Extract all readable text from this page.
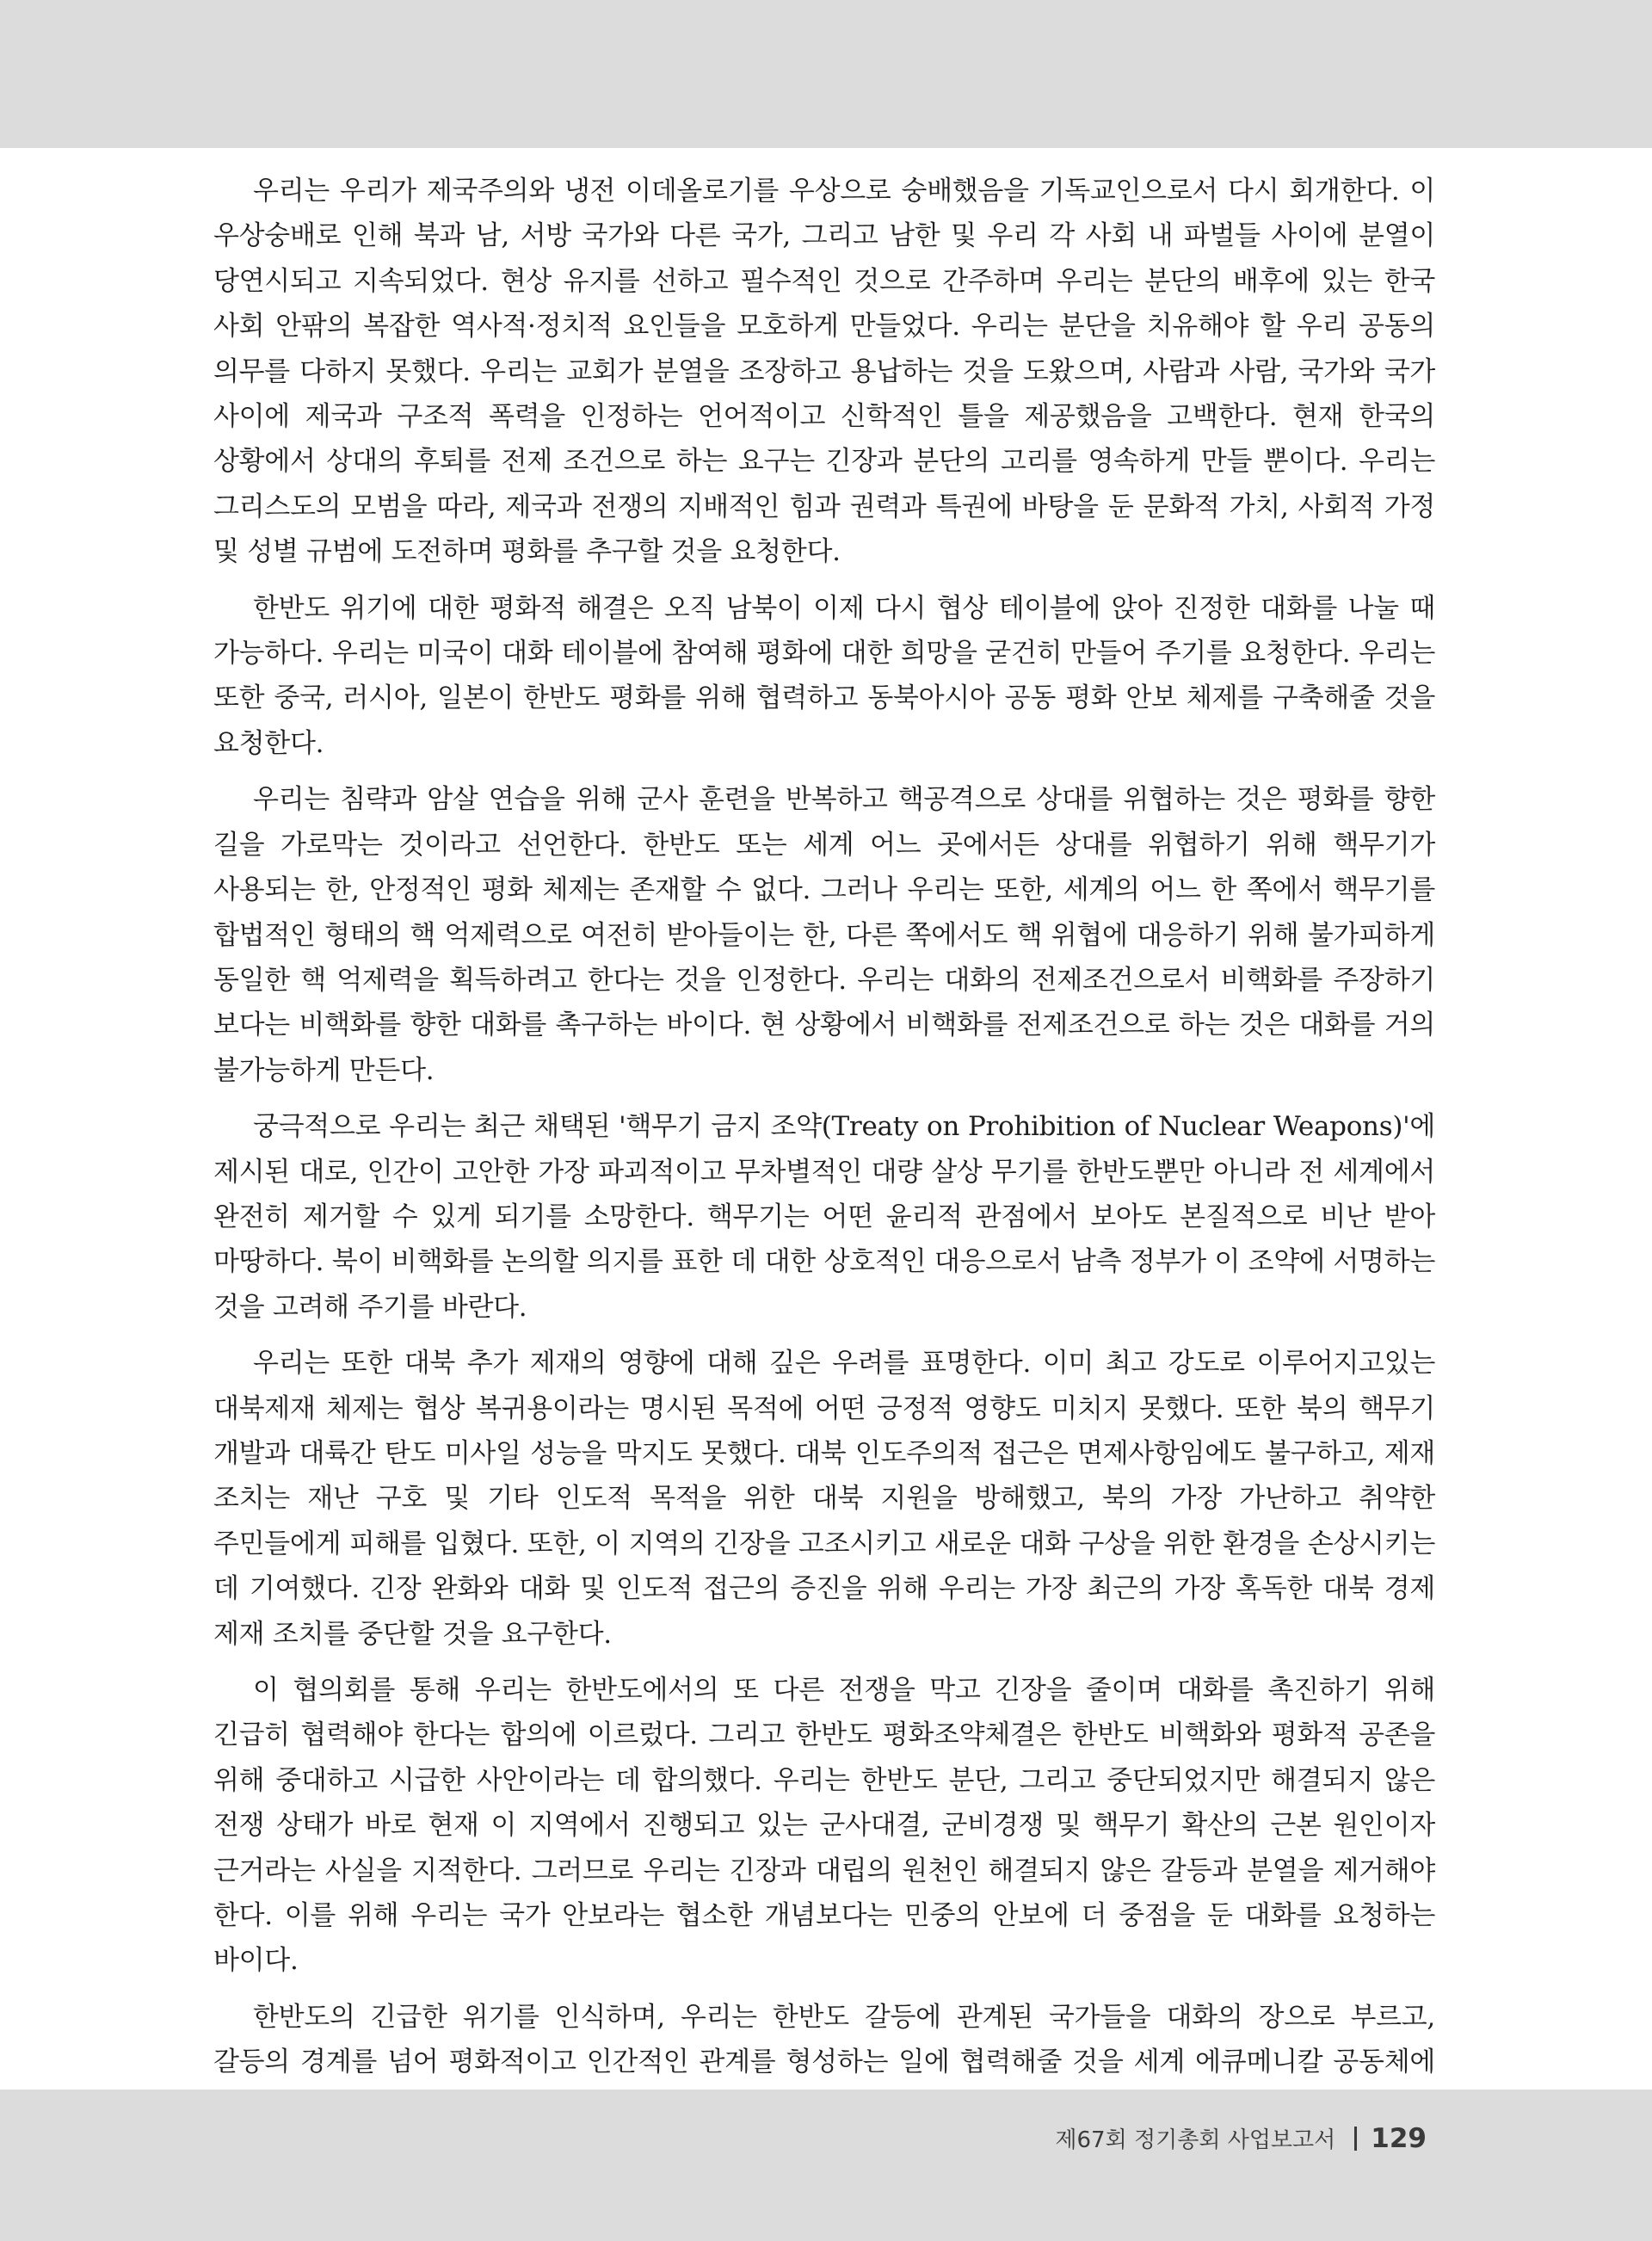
우리는 우리가 제국주의와 냉전 이데올로기를 우상으로 숭배했음을 기독교인으로서 다시 회개한다. 이 우상숭배로 인해 북과 남, 서방 국가와 다른 국가, 그리고 남한 및 우리 각 사회 내 파벌들 사이에 분열이 당연시되고 지속되었다. 현상 유지를 선하고 필수적인 것으로 간주하며 우리는 분단의 배후에 있는 한국 사회 안팎의 복잡한 역사적·정치적 요인들을 모호하게 만들었다. 우리는 분단을 치유해야 할 우리 공동의 의무를 다하지 못했다. 우리는 교회가 분열을 조장하고 용납하는 것을 도왔으며, 사람과 사람, 국가와 국가 사이에 제국과 구조적 폭력을 인정하는 언어적이고 신학적인 틀을 제공했음을 고백한다. 현재 한국의 상황에서 상대의 후퇴를 전제 조건으로 하는 요구는 긴장과 분단의 고리를 영속하게 만들 뿐이다. 우리는 그리스도의 모범을 따라, 제국과 전쟁의 지배적인 힘과 권력과 특권에 바탕을 둔 문화적 가치, 사회적 가정 및 성별 규범에 도전하며 평화를 추구할 것을 요청한다.

한반도 위기에 대한 평화적 해결은 오직 남북이 이제 다시 협상 테이블에 앉아 진정한 대화를 나눌 때 가능하다. 우리는 미국이 대화 테이블에 참여해 평화에 대한 희망을 굳건히 만들어 주기를 요청한다. 우리는 또한 중국, 러시아, 일본이 한반도 평화를 위해 협력하고 동북아시아 공동 평화 안보 체제를 구축해줄 것을 요청한다.

우리는 침략과 암살 연습을 위해 군사 훈련을 반복하고 핵공격으로 상대를 위협하는 것은 평화를 향한 길을 가로막는 것이라고 선언한다. 한반도 또는 세계 어느 곳에서든 상대를 위협하기 위해 핵무기가 사용되는 한, 안정적인 평화 체제는 존재할 수 없다. 그러나 우리는 또한, 세계의 어느 한 쪽에서 핵무기를 합법적인 형태의 핵 억제력으로 여전히 받아들이는 한, 다른 쪽에서도 핵 위협에 대응하기 위해 불가피하게 동일한 핵 억제력을 획득하려고 한다는 것을 인정한다. 우리는 대화의 전제조건으로서 비핵화를 주장하기 보다는 비핵화를 향한 대화를 촉구하는 바이다. 현 상황에서 비핵화를 전제조건으로 하는 것은 대화를 거의 불가능하게 만든다.

궁극적으로 우리는 최근 채택된 '핵무기 금지 조약(Treaty on Prohibition of Nuclear Weapons)'에 제시된 대로, 인간이 고안한 가장 파괴적이고 무차별적인 대량 살상 무기를 한반도뿐만 아니라 전 세계에서 완전히 제거할 수 있게 되기를 소망한다. 핵무기는 어떤 윤리적 관점에서 보아도 본질적으로 비난 받아 마땅하다. 북이 비핵화를 논의할 의지를 표한 데 대한 상호적인 대응으로서 남측 정부가 이 조약에 서명하는 것을 고려해 주기를 바란다.

우리는 또한 대북 추가 제재의 영향에 대해 깊은 우려를 표명한다. 이미 최고 강도로 이루어지고있는 대북제재 체제는 협상 복귀용이라는 명시된 목적에 어떤 긍정적 영향도 미치지 못했다. 또한 북의 핵무기 개발과 대륙간 탄도 미사일 성능을 막지도 못했다. 대북 인도주의적 접근은 면제사항임에도 불구하고, 제재 조치는 재난 구호 및 기타 인도적 목적을 위한 대북 지원을 방해했고, 북의 가장 가난하고 취약한 주민들에게 피해를 입혔다. 또한, 이 지역의 긴장을 고조시키고 새로운 대화 구상을 위한 환경을 손상시키는 데 기여했다. 긴장 완화와 대화 및 인도적 접근의 증진을 위해 우리는 가장 최근의 가장 혹독한 대북 경제 제재 조치를 중단할 것을 요구한다.

이 협의회를 통해 우리는 한반도에서의 또 다른 전쟁을 막고 긴장을 줄이며 대화를 촉진하기 위해 긴급히 협력해야 한다는 합의에 이르렀다. 그리고 한반도 평화조약체결은 한반도 비핵화와 평화적 공존을 위해 중대하고 시급한 사안이라는 데 합의했다. 우리는 한반도 분단, 그리고 중단되었지만 해결되지 않은 전쟁 상태가 바로 현재 이 지역에서 진행되고 있는 군사대결, 군비경쟁 및 핵무기 확산의 근본 원인이자 근거라는 사실을 지적한다. 그러므로 우리는 긴장과 대립의 원천인 해결되지 않은 갈등과 분열을 제거해야 한다. 이를 위해 우리는 국가 안보라는 협소한 개념보다는 민중의 안보에 더 중점을 둔 대화를 요청하는 바이다.

한반도의 긴급한 위기를 인식하며, 우리는 한반도 갈등에 관계된 국가들을 대화의 장으로 부르고, 갈등의 경계를 넘어 평화적이고 인간적인 관계를 형성하는 일에 협력해줄 것을 세계 에큐메니칼 공동체에

제67회 정기총회 사업보고서 129
